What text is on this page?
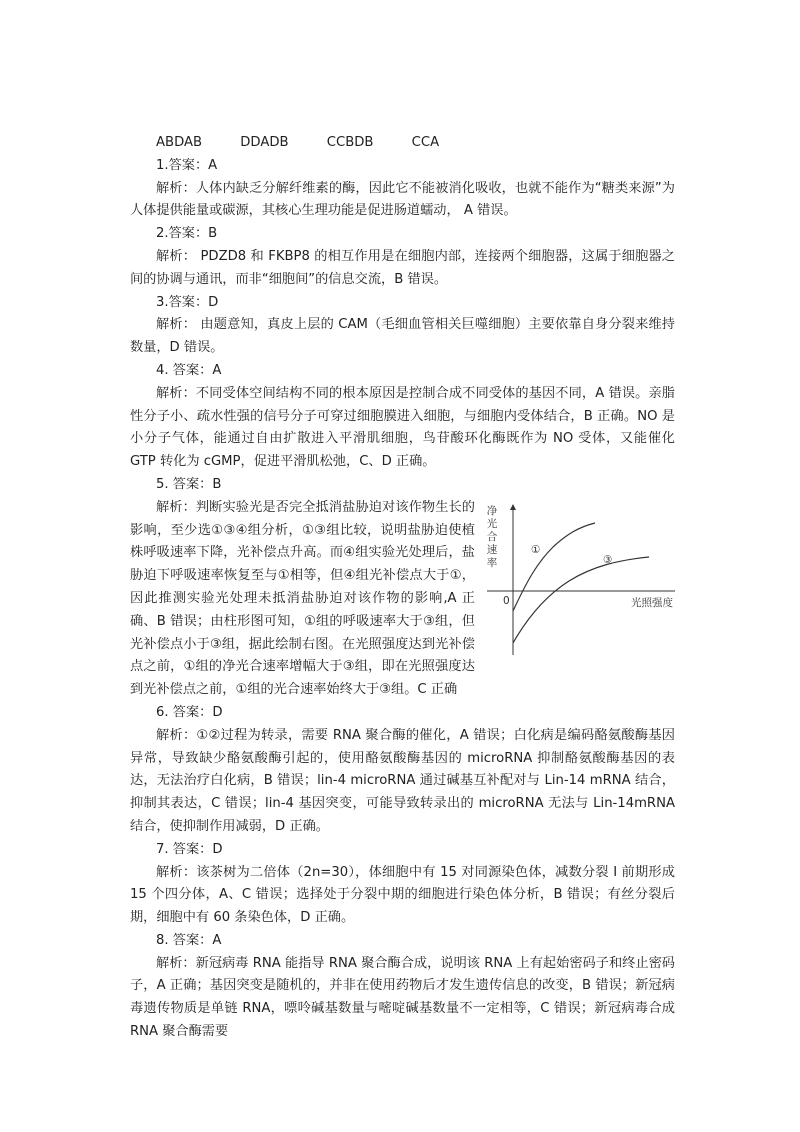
ABDAB	DDADB	CCBDB	CCA

1.答案：A

解析：人体内缺乏分解纤维素的酶，因此它不能被消化吸收，也就不能作为“糖类来源”为人体提供能量或碳源，其核心生理功能是促进肠道蠕动， A 错误。

2.答案：B

解析： PDZD8 和 FKBP8 的相互作用是在细胞内部，连接两个细胞器，这属于细胞器之间的协调与通讯，而非“细胞间”的信息交流，B 错误。

3.答案：D

解析： 由题意知，真皮上层的 CAM（毛细血管相关巨噬细胞）主要依靠自身分裂来维持数量，D 错误。

4. 答案：A

解析：不同受体空间结构不同的根本原因是控制合成不同受体的基因不同，A 错误。亲脂性分子小、疏水性强的信号分子可穿过细胞膜进入细胞，与细胞内受体结合，B 正确。NO 是小分子气体，能通过自由扩散进入平滑肌细胞，鸟苷酸环化酶既作为 NO 受体，又能催化 GTP 转化为 cGMP，促进平滑肌松弛，C、D 正确。

5. 答案：B

净光合速率
0	光照强度
①
③

解析：判断实验光是否完全抵消盐胁迫对该作物生长的影响，至少选①③④组分析，①③组比较，说明盐胁迫使植株呼吸速率下降，光补偿点升高。而④组实验光处理后，盐胁迫下呼吸速率恢复至与①相等，但④组光补偿点大于①，因此推测实验光处理未抵消盐胁迫对该作物的影响,A 正确、B 错误；由柱形图可知，①组的呼吸速率大于③组，但光补偿点小于③组，据此绘制右图。在光照强度达到光补偿点之前，①组的净光合速率增幅大于③组，即在光照强度达到光补偿点之前，①组的光合速率始终大于③组。C 正确

6. 答案：D

解析：①②过程为转录，需要 RNA 聚合酶的催化，A 错误；白化病是编码酪氨酸酶基因异常，导致缺少酪氨酸酶引起的，使用酪氨酸酶基因的 microRNA 抑制酪氨酸酶基因的表达，无法治疗白化病，B 错误；lin-4 microRNA 通过碱基互补配对与 Lin-14 mRNA 结合，抑制其表达，C 错误；lin-4 基因突变，可能导致转录出的 microRNA 无法与 Lin-14mRNA 结合，使抑制作用减弱，D 正确。

7. 答案：D

解析：该茶树为二倍体（2n=30），体细胞中有 15 对同源染色体，减数分裂 I 前期形成 15 个四分体，A、C 错误；选择处于分裂中期的细胞进行染色体分析，B 错误；有丝分裂后期，细胞中有 60 条染色体，D 正确。

8. 答案：A

解析：新冠病毒 RNA 能指导 RNA 聚合酶合成，说明该 RNA 上有起始密码子和终止密码子，A 正确；基因突变是随机的，并非在使用药物后才发生遗传信息的改变，B 错误；新冠病毒遗传物质是单链 RNA，嘌呤碱基数量与嘧啶碱基数量不一定相等，C 错误；新冠病毒合成 RNA 聚合酶需要
